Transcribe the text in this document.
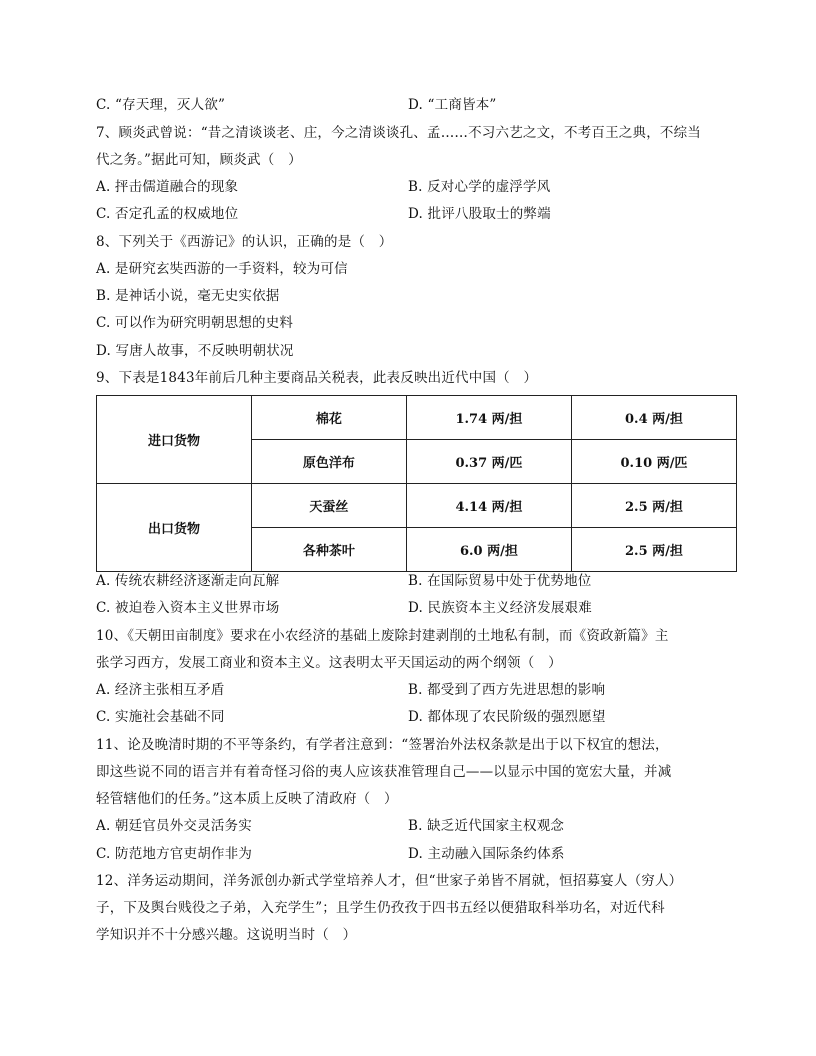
C. “存天理，灭人欲”	D. “工商皆本”
7、顾炎武曾说：“昔之清谈谈老、庄，今之清谈谈孔、孟……不习六艺之文，不考百王之典，不综当
代之务。”据此可知，顾炎武（　）
A. 抨击儒道融合的现象	B. 反对心学的虚浮学风
C. 否定孔孟的权威地位	D. 批评八股取士的弊端
8、下列关于《西游记》的认识，正确的是（　）
A. 是研究玄奘西游的一手资料，较为可信
B. 是神话小说，毫无史实依据
C. 可以作为研究明朝思想的史料
D. 写唐人故事，不反映明朝状况
9、下表是1843年前后几种主要商品关税表，此表反映出近代中国（　）
进口货物	棉花	1.74 两/担	0.4 两/担
	原色洋布	0.37 两/匹	0.10 两/匹
出口货物	天蚕丝	4.14 两/担	2.5 两/担
	各种茶叶	6.0 两/担	2.5 两/担
A. 传统农耕经济逐渐走向瓦解	B. 在国际贸易中处于优势地位
C. 被迫卷入资本主义世界市场	D. 民族资本主义经济发展艰难
10、《天朝田亩制度》要求在小农经济的基础上废除封建剥削的土地私有制，而《资政新篇》主
张学习西方，发展工商业和资本主义。这表明太平天国运动的两个纲领（　）
A. 经济主张相互矛盾	B. 都受到了西方先进思想的影响
C. 实施社会基础不同	D. 都体现了农民阶级的强烈愿望
11、论及晚清时期的不平等条约，有学者注意到：“签署治外法权条款是出于以下权宜的想法，
即这些说不同的语言并有着奇怪习俗的夷人应该获准管理自己——以显示中国的宽宏大量，并减
轻管辖他们的任务。”这本质上反映了清政府（　）
A. 朝廷官员外交灵活务实	B. 缺乏近代国家主权观念
C. 防范地方官吏胡作非为	D. 主动融入国际条约体系
12、洋务运动期间，洋务派创办新式学堂培养人才，但“世家子弟皆不屑就，恒招募宴人（穷人）
子，下及舆台贱役之子弟，入充学生”；且学生仍孜孜于四书五经以便猎取科举功名，对近代科
学知识并不十分感兴趣。这说明当时（　）
